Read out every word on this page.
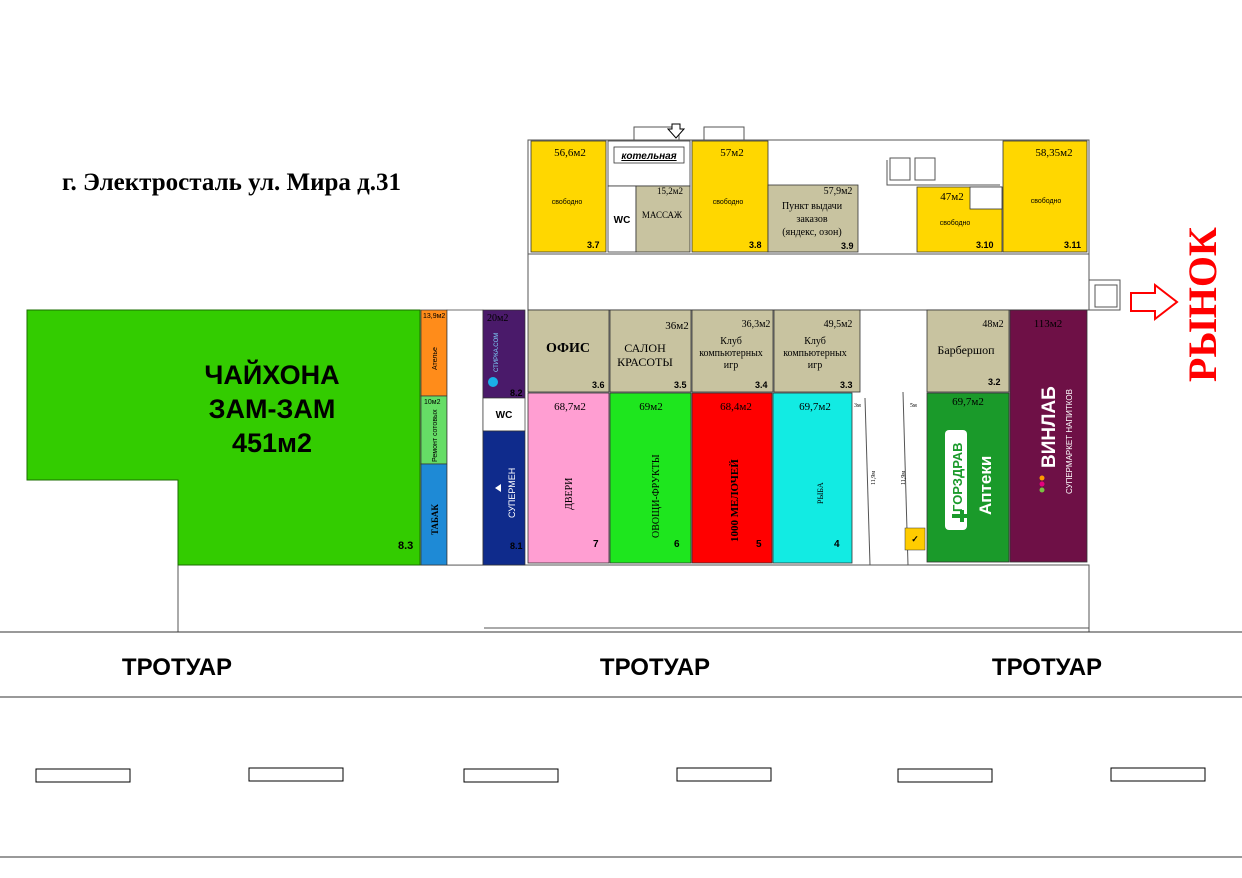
г. Электросталь ул. Мира д.31
ЧАЙХОНА
ЗАМ-ЗАМ
451м2
8.3
13,9м2
Ателье
10м2
Ремонт сотовых
ТАБАК
20м2
СТИРКА.COM
8.2
WC
СУПЕРМЕН
8.1
56,6м2
свободно
3.7
котельная
WC
15,2м2
МАССАЖ
57м2
свободно
3.8
57,9м2
Пункт выдачи
заказов
(яндекс, озон)
3.9
47м2
свободно
3.10
58,35м2
свободно
3.11
ОФИС
3.6
36м2
САЛОН
КРАСОТЫ
3.5
36,3м2
Клуб
компьютерных
игр
3.4
49,5м2
Клуб
компьютерных
игр
3.3
48м2
Барбершоп
3.2
113м2
ВИНЛАБ СУПЕРМАРКЕТ НАПИТКОВ
68,7м2
ДВЕРИ
7
69м2
ОВОЩИ-ФРУКТЫ
6
68,4м2
1000 МЕЛОЧЕЙ
5
69,7м2
РЫБА
4
3м
11,9м
5м
11,9м
✓
69,7м2
ГОРЗДРАВ Аптеки
РЫНОК
ТРОТУАР	ТРОТУАР	ТРОТУАР
